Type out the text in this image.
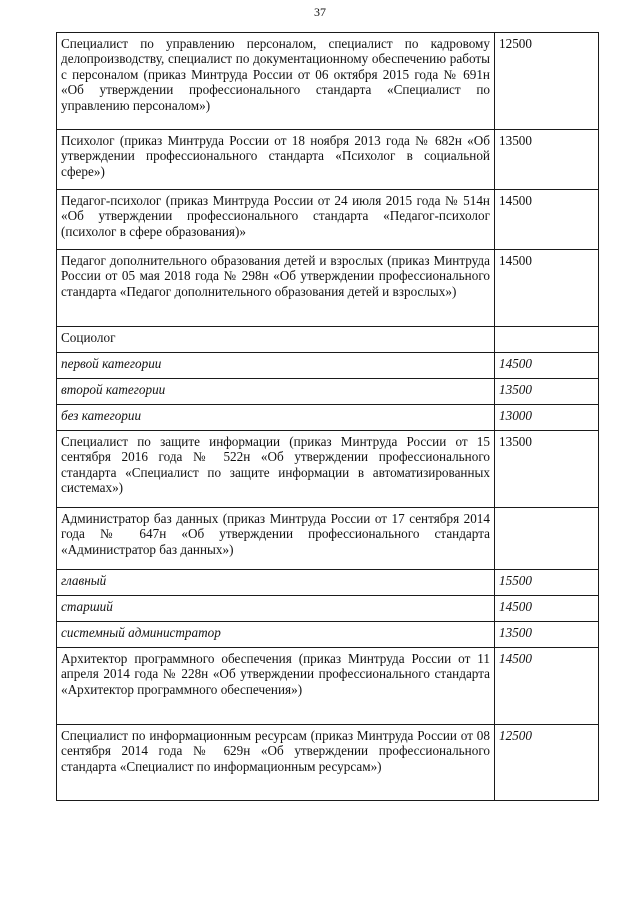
37
Специалист по управлению персоналом, специалист по кадровому делопроизводству, специалист по документационному обеспечению работы с персоналом (приказ Минтруда России от 06 октября 2015 года № 691н «Об утверждении профессионального стандарта «Специалист по управлению персоналом»)	12500
Психолог (приказ Минтруда России от 18 ноября 2013 года № 682н «Об утверждении профессионального стандарта «Психолог в социальной сфере»)	13500
Педагог-психолог (приказ Минтруда России от 24 июля 2015 года № 514н «Об утверждении профессионального стандарта «Педагог-психолог (психолог в сфере образования)»	14500
Педагог дополнительного образования детей и взрослых (приказ Минтруда России от 05 мая 2018 года № 298н «Об утверждении профессионального стандарта «Педагог дополнительного образования детей и взрослых»)	14500
Социолог	
первой категории	14500
второй категории	13500
без категории	13000
Специалист по защите информации (приказ Минтруда России от 15 сентября 2016 года № 522н «Об утверждении профессионального стандарта «Специалист по защите информации в автоматизированных системах»)	13500
Администратор баз данных (приказ Минтруда России от 17 сентября 2014 года № 647н «Об утверждении профессионального стандарта «Администратор баз данных»)	
главный	15500
старший	14500
системный администратор	13500
Архитектор программного обеспечения (приказ Минтруда России от 11 апреля 2014 года № 228н «Об утверждении профессионального стандарта «Архитектор программного обеспечения»)	14500
Специалист по информационным ресурсам (приказ Минтруда России от 08 сентября 2014 года № 629н «Об утверждении профессионального стандарта «Специалист по информационным ресурсам»)	12500
